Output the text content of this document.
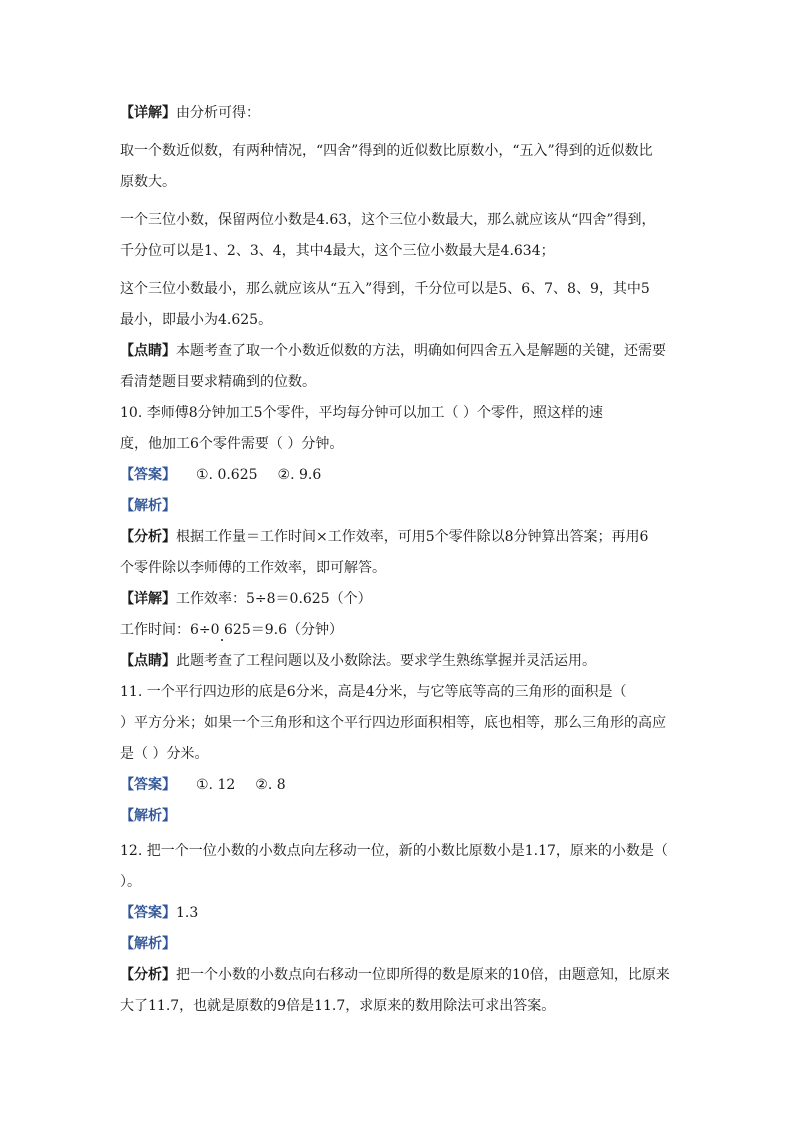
【详解】由分析可得：
取一个数近似数，有两种情况，“四舍”得到的近似数比原数小，“五入”得到的近似数比
原数大。
一个三位小数，保留两位小数是4.63，这个三位小数最大，那么就应该从“四舍”得到，
千分位可以是1、2、3、4，其中4最大，这个三位小数最大是4.634；
这个三位小数最小，那么就应该从“五入”得到，千分位可以是5、6、7、8、9，其中5
最小，即最小为4.625。
【点睛】本题考查了取一个小数近似数的方法，明确如何四舍五入是解题的关键，还需要
看清楚题目要求精确到的位数。
10. 李师傅8分钟加工5个零件，平均每分钟可以加工（ ）个零件，照这样的速
度，他加工6个零件需要（ ）分钟。
【答案】 ①. 0.625 ②. 9.6
【解析】
【分析】根据工作量＝工作时间×工作效率，可用5个零件除以8分钟算出答案；再用6
个零件除以李师傅的工作效率，即可解答。
【详解】工作效率：5÷8＝0.625（个）
工作时间：6÷0 625＝9.6（分钟）
【点睛】此题考查了工程问题以及小数除法。要求学生熟练掌握并灵活运用。
11. 一个平行四边形的底是6分米，高是4分米，与它等底等高的三角形的面积是（
）平方分米；如果一个三角形和这个平行四边形面积相等，底也相等，那么三角形的高应
是（ ）分米。
【答案】 ①. 12 ②. 8
【解析】
12. 把一个一位小数的小数点向左移动一位，新的小数比原数小是1.17，原来的小数是（
）。
【答案】1.3
【解析】
【分析】把一个小数的小数点向右移动一位即所得的数是原来的10倍，由题意知，比原来
大了11.7，也就是原数的9倍是11.7，求原来的数用除法可求出答案。
